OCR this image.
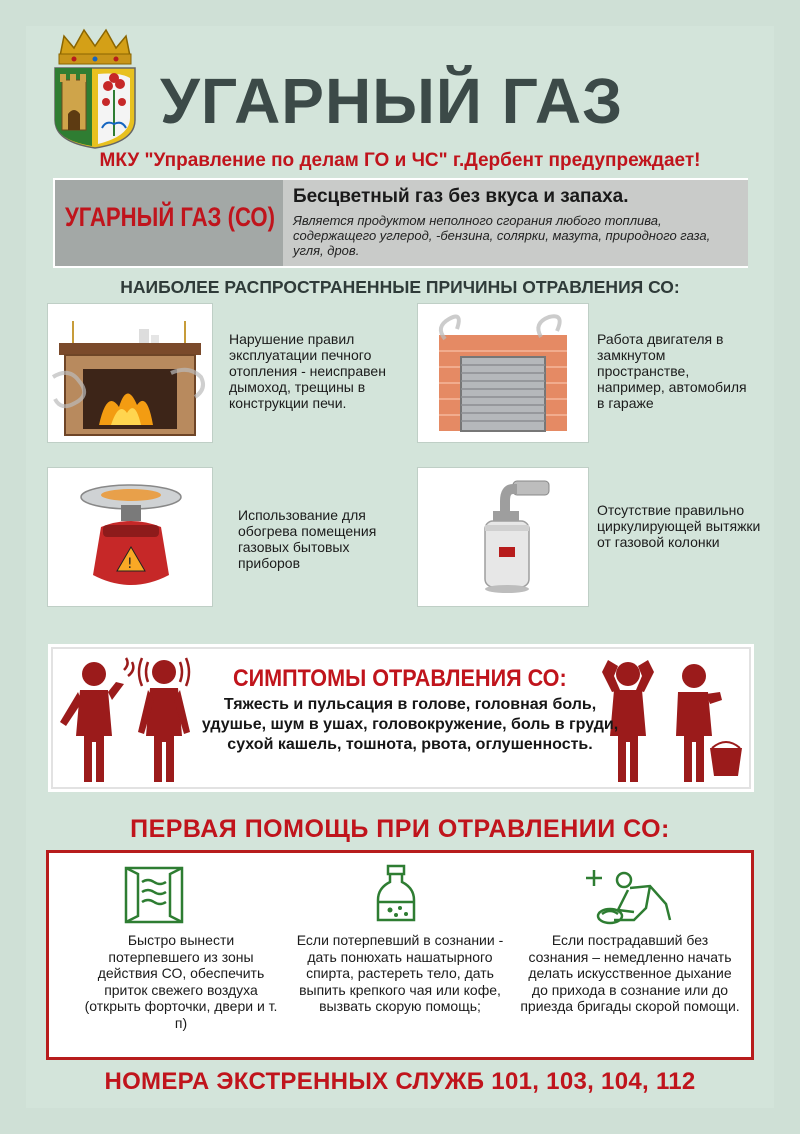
УГАРНЫЙ ГАЗ
МКУ "Управление по делам ГО и ЧС" г.Дербент предупреждает!
УГАРНЫЙ ГАЗ (СО)
Бесцветный газ без вкуса и запаха.
Является продуктом неполного сгорания любого топлива, содержащего углерод, -бензина, солярки, мазута, природного газа, угля, дров.
НАИБОЛЕЕ РАСПРОСТРАНЕННЫЕ ПРИЧИНЫ ОТРАВЛЕНИЯ СО:
Нарушение правил эксплуатации печного отопления - неисправен дымоход, трещины в конструкции печи.
Работа двигателя в замкнутом пространстве, например, автомобиля в гараже
!
Использование для обогрева помещения газовых бытовых приборов
Отсутствие правильно циркулирующей вытяжки от газовой колонки
СИМПТОМЫ ОТРАВЛЕНИЯ СО:
Тяжесть и пульсация в голове, головная боль, удушье, шум в ушах, головокружение, боль в груди, сухой кашель, тошнота, рвота, оглушенность.
ПЕРВАЯ ПОМОЩЬ ПРИ ОТРАВЛЕНИИ СО:
Быстро вынести потерпевшего из зоны действия СО, обеспечить приток свежего воздуха (открыть форточки, двери и т. п)
Если потерпевший в сознании - дать понюхать нашатырного спирта, растереть тело, дать выпить крепкого чая или кофе, вызвать скорую помощь;
Если пострадавший без сознания – немедленно начать делать искусственное дыхание до прихода в сознание или до приезда бригады скорой помощи.
НОМЕРА ЭКСТРЕННЫХ СЛУЖБ 101, 103, 104, 112
